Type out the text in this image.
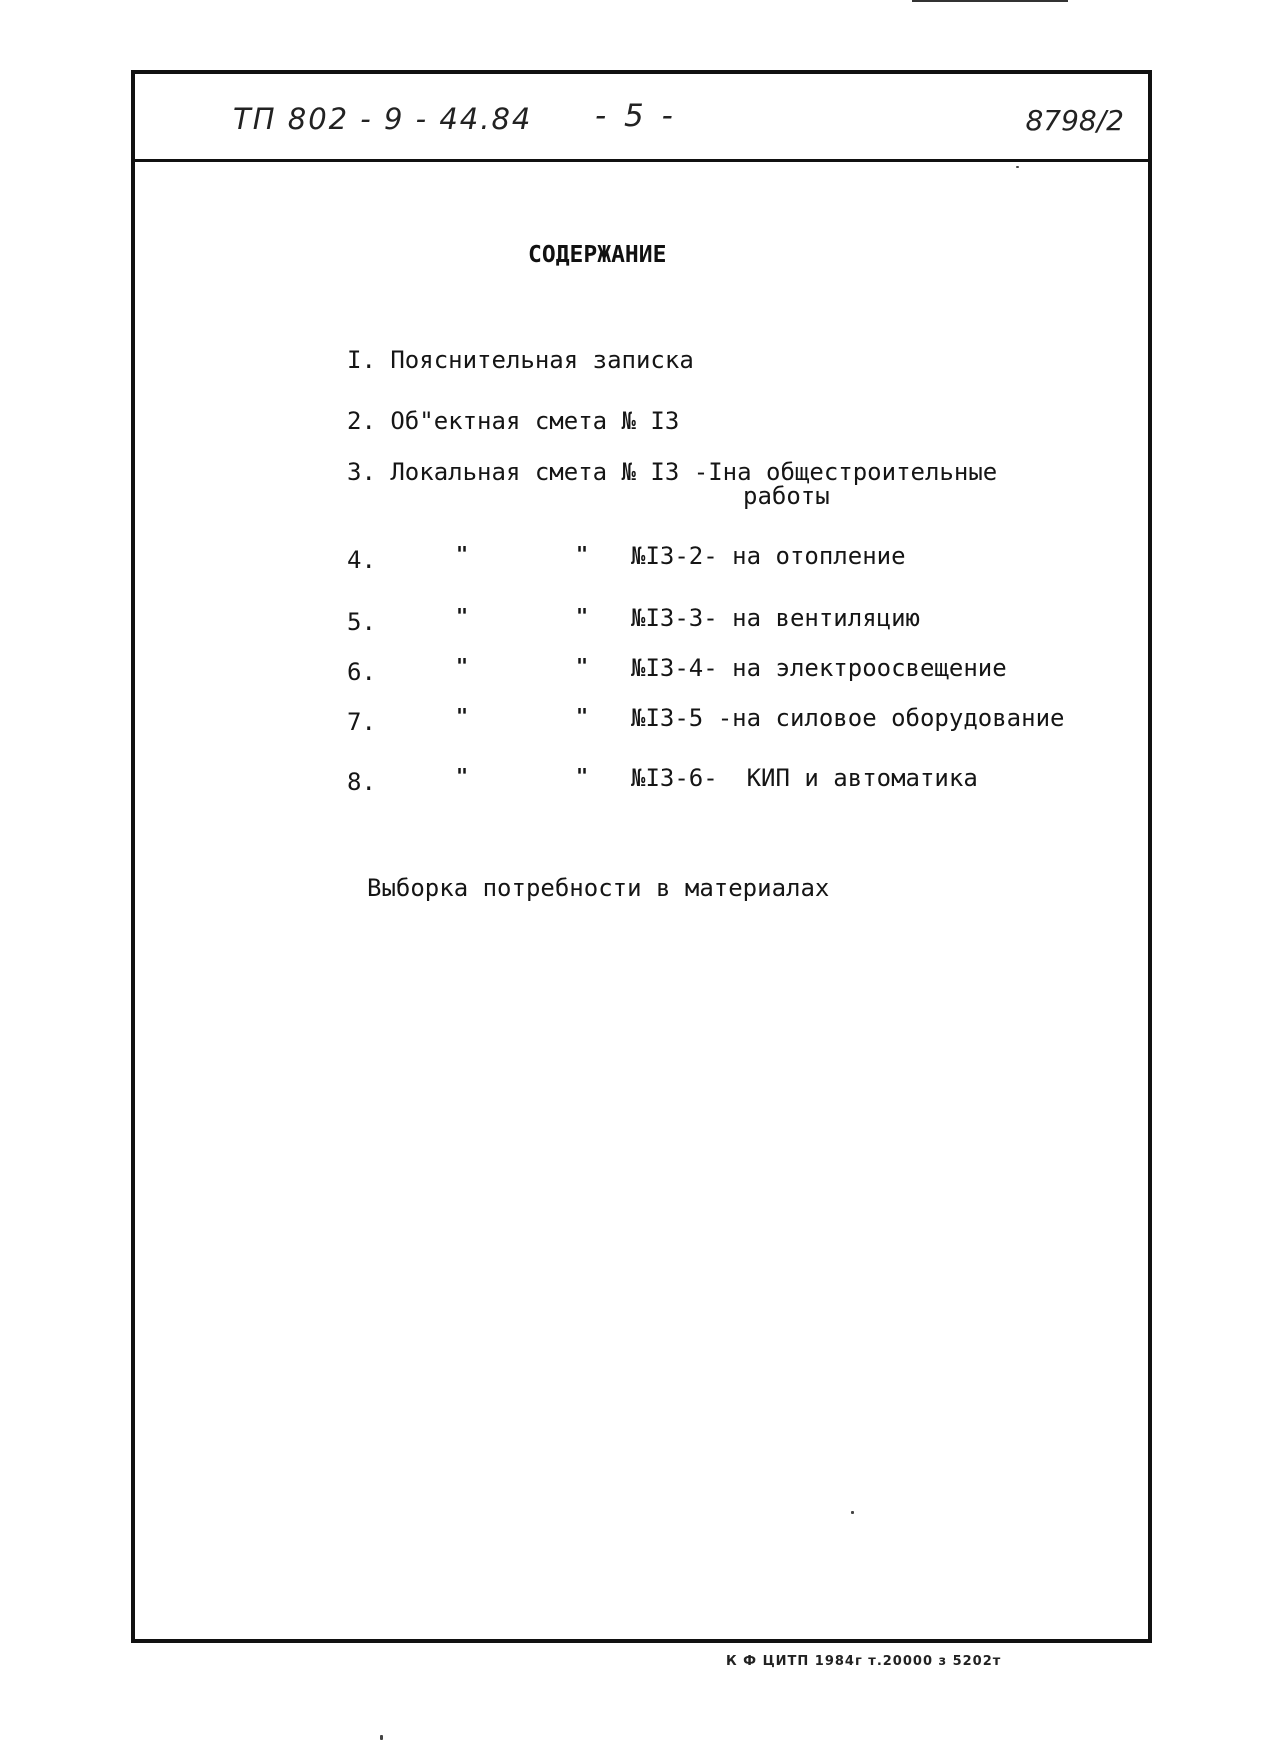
ТП 802 - 9 - 44.84 - 5 -	8798/2
СОДЕРЖАНИЕ
I. Пояснительная записка
2. Об"ектная смета № I3
3. Локальная смета № I3 -Iна общестроительные
работы
4.	"	" №I3-2- на отопление
5.	"	" №I3-3- на вентиляцию
6.	"	" №I3-4- на электроосвещение
7.	"	" №I3-5 -на силовое оборудование
8.	"	" №I3-6-  КИП и автоматика
Выборка потребности в материалах
К Ф ЦИТП 1984г т.20000 з 5202т
